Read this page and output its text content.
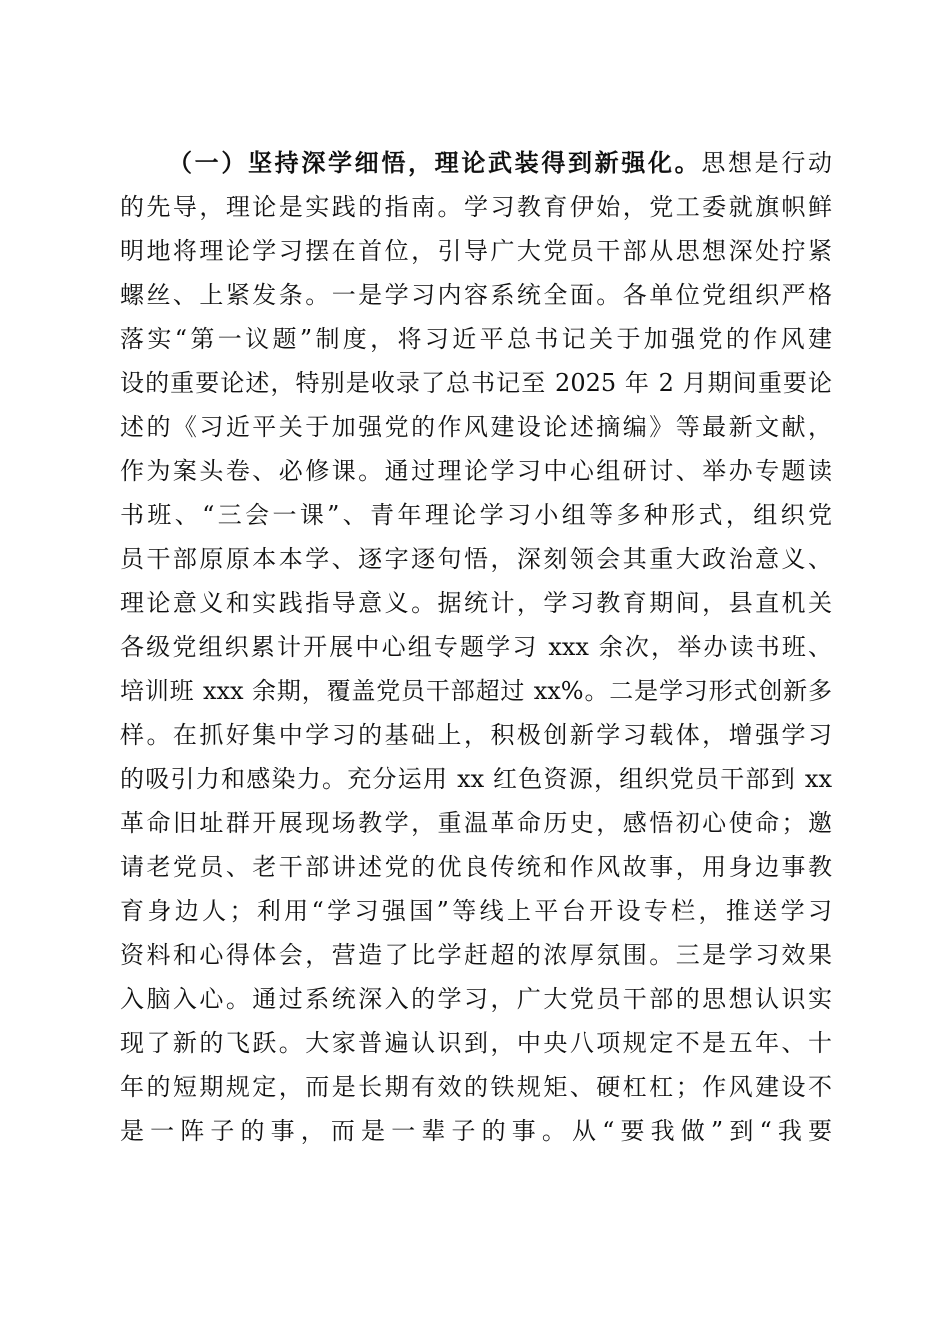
（一）坚持深学细悟，理论武装得到新强化。思想是行动
的先导，理论是实践的指南。学习教育伊始，党工委就旗帜鲜
明地将理论学习摆在首位，引导广大党员干部从思想深处拧紧
螺丝、上紧发条。一是学习内容系统全面。各单位党组织严格
落实“第一议题”制度，将习近平总书记关于加强党的作风建
设的重要论述，特别是收录了总书记至 2025 年 2 月期间重要论
述的《习近平关于加强党的作风建设论述摘编》等最新文献，
作为案头卷、必修课。通过理论学习中心组研讨、举办专题读
书班、“三会一课”、青年理论学习小组等多种形式，组织党
员干部原原本本学、逐字逐句悟，深刻领会其重大政治意义、
理论意义和实践指导意义。据统计，学习教育期间，县直机关
各级党组织累计开展中心组专题学习 xxx 余次，举办读书班、
培训班 xxx 余期，覆盖党员干部超过 xx%。二是学习形式创新多
样。在抓好集中学习的基础上，积极创新学习载体，增强学习
的吸引力和感染力。充分运用 xx 红色资源，组织党员干部到 xx
革命旧址群开展现场教学，重温革命历史，感悟初心使命；邀
请老党员、老干部讲述党的优良传统和作风故事，用身边事教
育身边人；利用“学习强国”等线上平台开设专栏，推送学习
资料和心得体会，营造了比学赶超的浓厚氛围。三是学习效果
入脑入心。通过系统深入的学习，广大党员干部的思想认识实
现了新的飞跃。大家普遍认识到，中央八项规定不是五年、十
年的短期规定，而是长期有效的铁规矩、硬杠杠；作风建设不
是一阵子的事，而是一辈子的事。从“要我做”到“我要
